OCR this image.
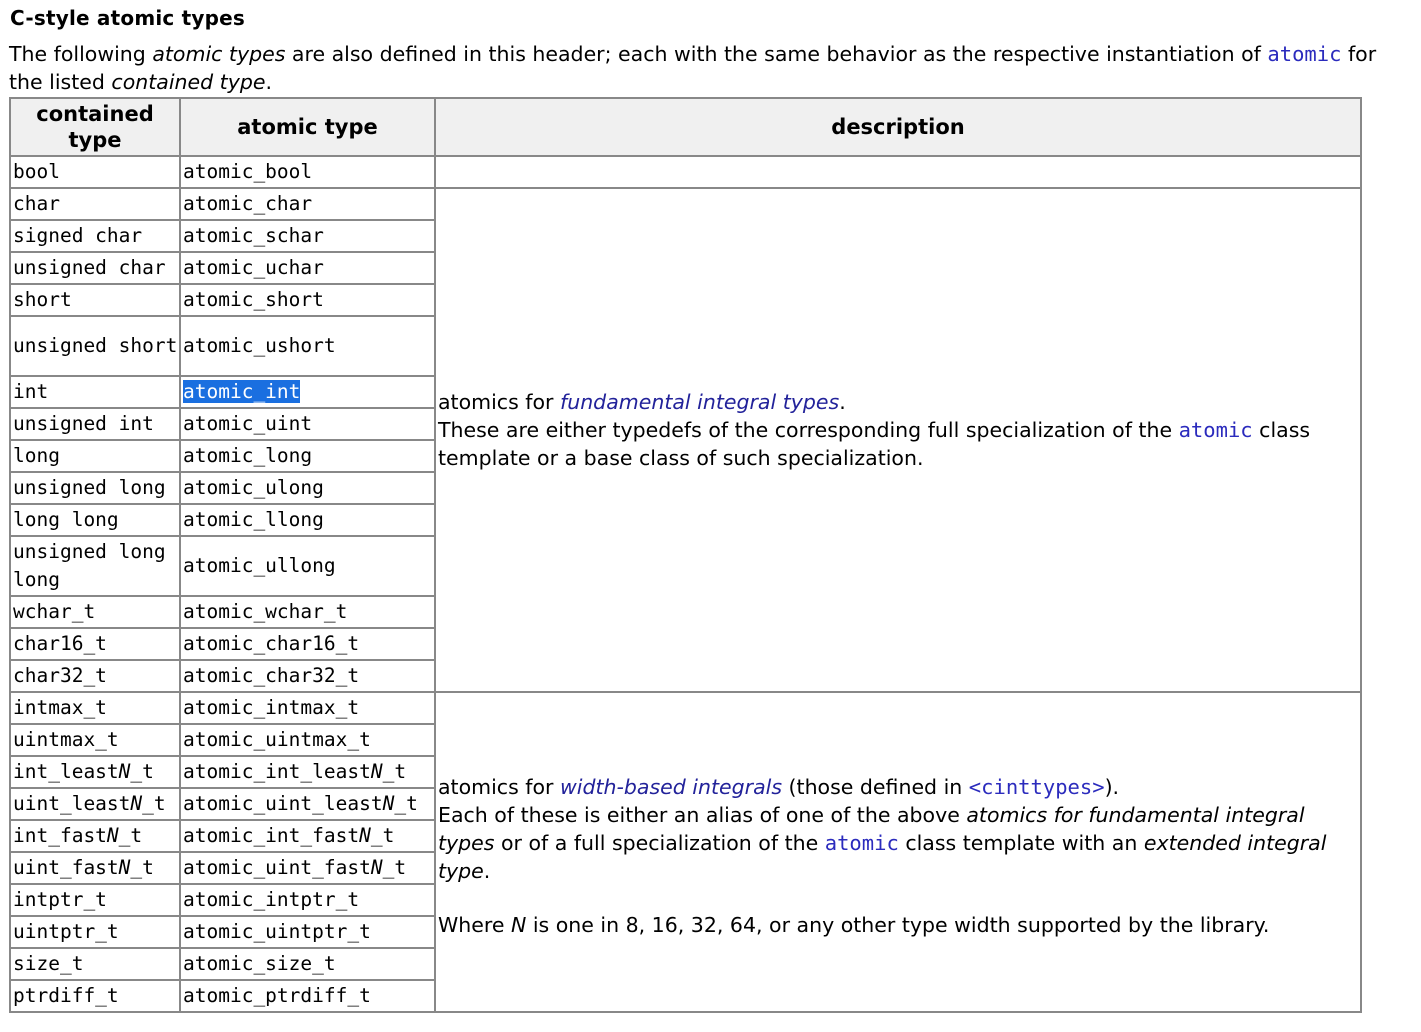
C-style atomic types

The following atomic types are also defined in this header; each with the same behavior as the respective instantiation of atomic for the listed contained type.

contained type	atomic type	description
bool	atomic_bool	
char	atomic_char	atomics for fundamental integral types.

These are either typedefs of the corresponding full specialization of the atomic class template or a base class of such specialization.

signed char	atomic_schar	
unsigned char	atomic_uchar	
short	atomic_short	
unsigned short	atomic_ushort	
int	atomic_int	
unsigned int	atomic_uint	
long	atomic_long	
unsigned long	atomic_ulong	
long long	atomic_llong	
unsigned long long	atomic_ullong	
wchar_t	atomic_wchar_t	
char16_t	atomic_char16_t	
char32_t	atomic_char32_t	
intmax_t	atomic_intmax_t	atomics for width-based integrals (those defined in <cinttypes>).

Each of these is either an alias of one of the above atomics for fundamental integral types or of a full specialization of the atomic class template with an extended integral type.

Where N is one in 8, 16, 32, 64, or any other type width supported by the library.

uintmax_t	atomic_uintmax_t	
int_leastN_t	atomic_int_leastN_t	
uint_leastN_t	atomic_uint_leastN_t	
int_fastN_t	atomic_int_fastN_t	
uint_fastN_t	atomic_uint_fastN_t	
intptr_t	atomic_intptr_t	
uintptr_t	atomic_uintptr_t	
size_t	atomic_size_t	
ptrdiff_t	atomic_ptrdiff_t	
